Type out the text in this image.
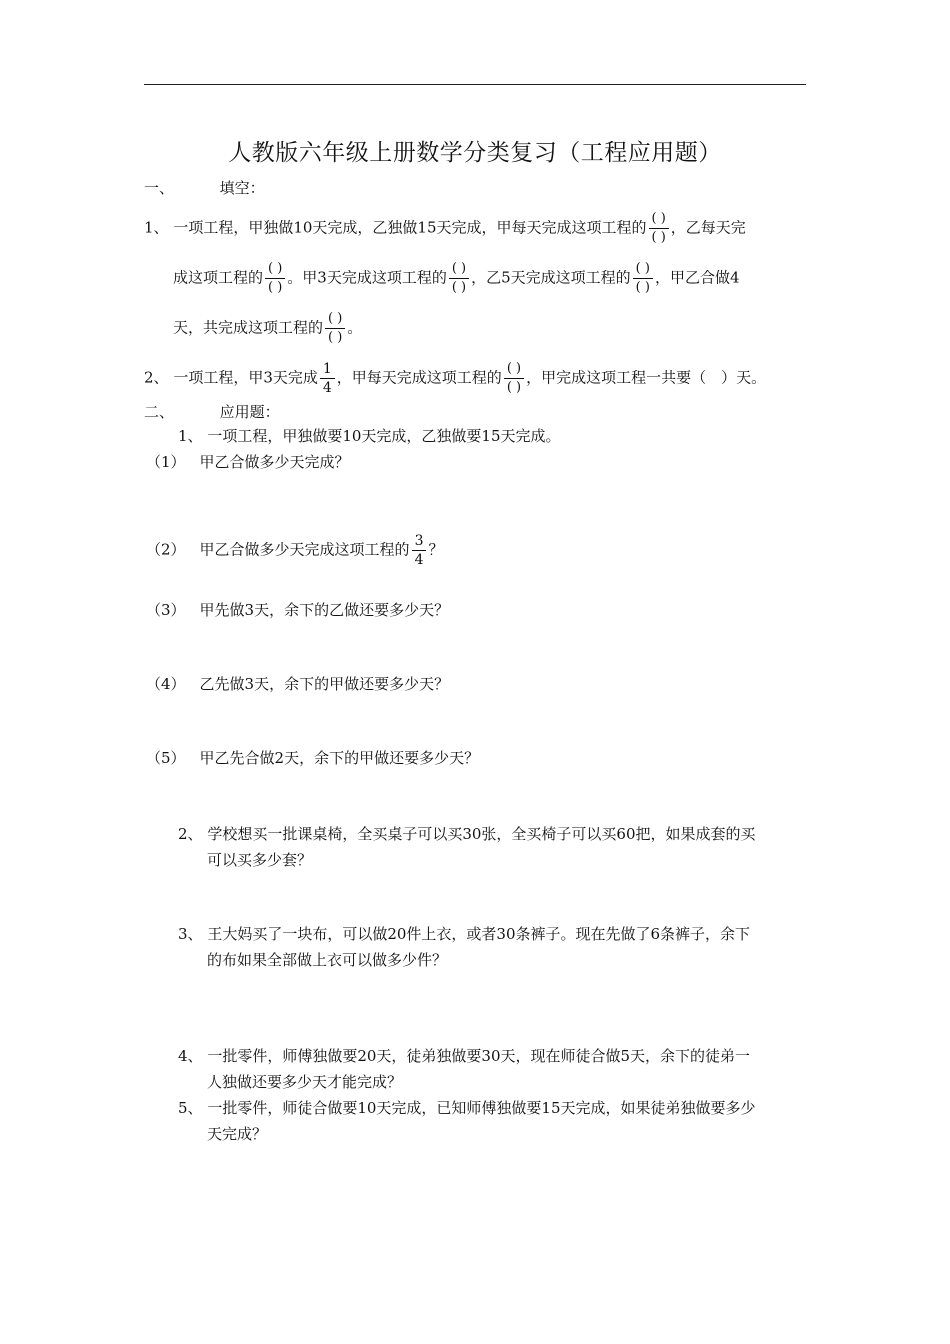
人教版六年级上册数学分类复习（工程应用题）
一、	填空：
1、 一项工程，甲独做10天完成，乙独做15天完成，甲每天完成这项工程的 $\frac{( )}{( )}$ ，乙每天完
成这项工程的 $\frac{( )}{( )}$ 。甲3天完成这项工程的 $\frac{( )}{( )}$ ，乙5天完成这项工程的 $\frac{( )}{( )}$ ，甲乙合做4
天，共完成这项工程的 $\frac{( )}{( )}$ 。
2、 一项工程，甲3天完成 $\frac{1}{4}$ ，甲每天完成这项工程的 $\frac{( )}{( )}$ ，甲完成这项工程一共要（　）天。
二、	应用题：
1、 一项工程，甲独做要10天完成，乙独做要15天完成。
（1） 甲乙合做多少天完成？
（2） 甲乙合做多少天完成这项工程的 $\frac{3}{4}$ ？
（3） 甲先做3天，余下的乙做还要多少天？
（4） 乙先做3天，余下的甲做还要多少天？
（5） 甲乙先合做2天，余下的甲做还要多少天？
2、 学校想买一批课桌椅，全买桌子可以买30张，全买椅子可以买60把，如果成套的买
可以买多少套？
3、 王大妈买了一块布，可以做20件上衣，或者30条裤子。现在先做了6条裤子，余下
的布如果全部做上衣可以做多少件？
4、 一批零件，师傅独做要20天，徒弟独做要30天，现在师徒合做5天，余下的徒弟一
人独做还要多少天才能完成？
5、 一批零件，师徒合做要10天完成，已知师傅独做要15天完成，如果徒弟独做要多少
天完成？
